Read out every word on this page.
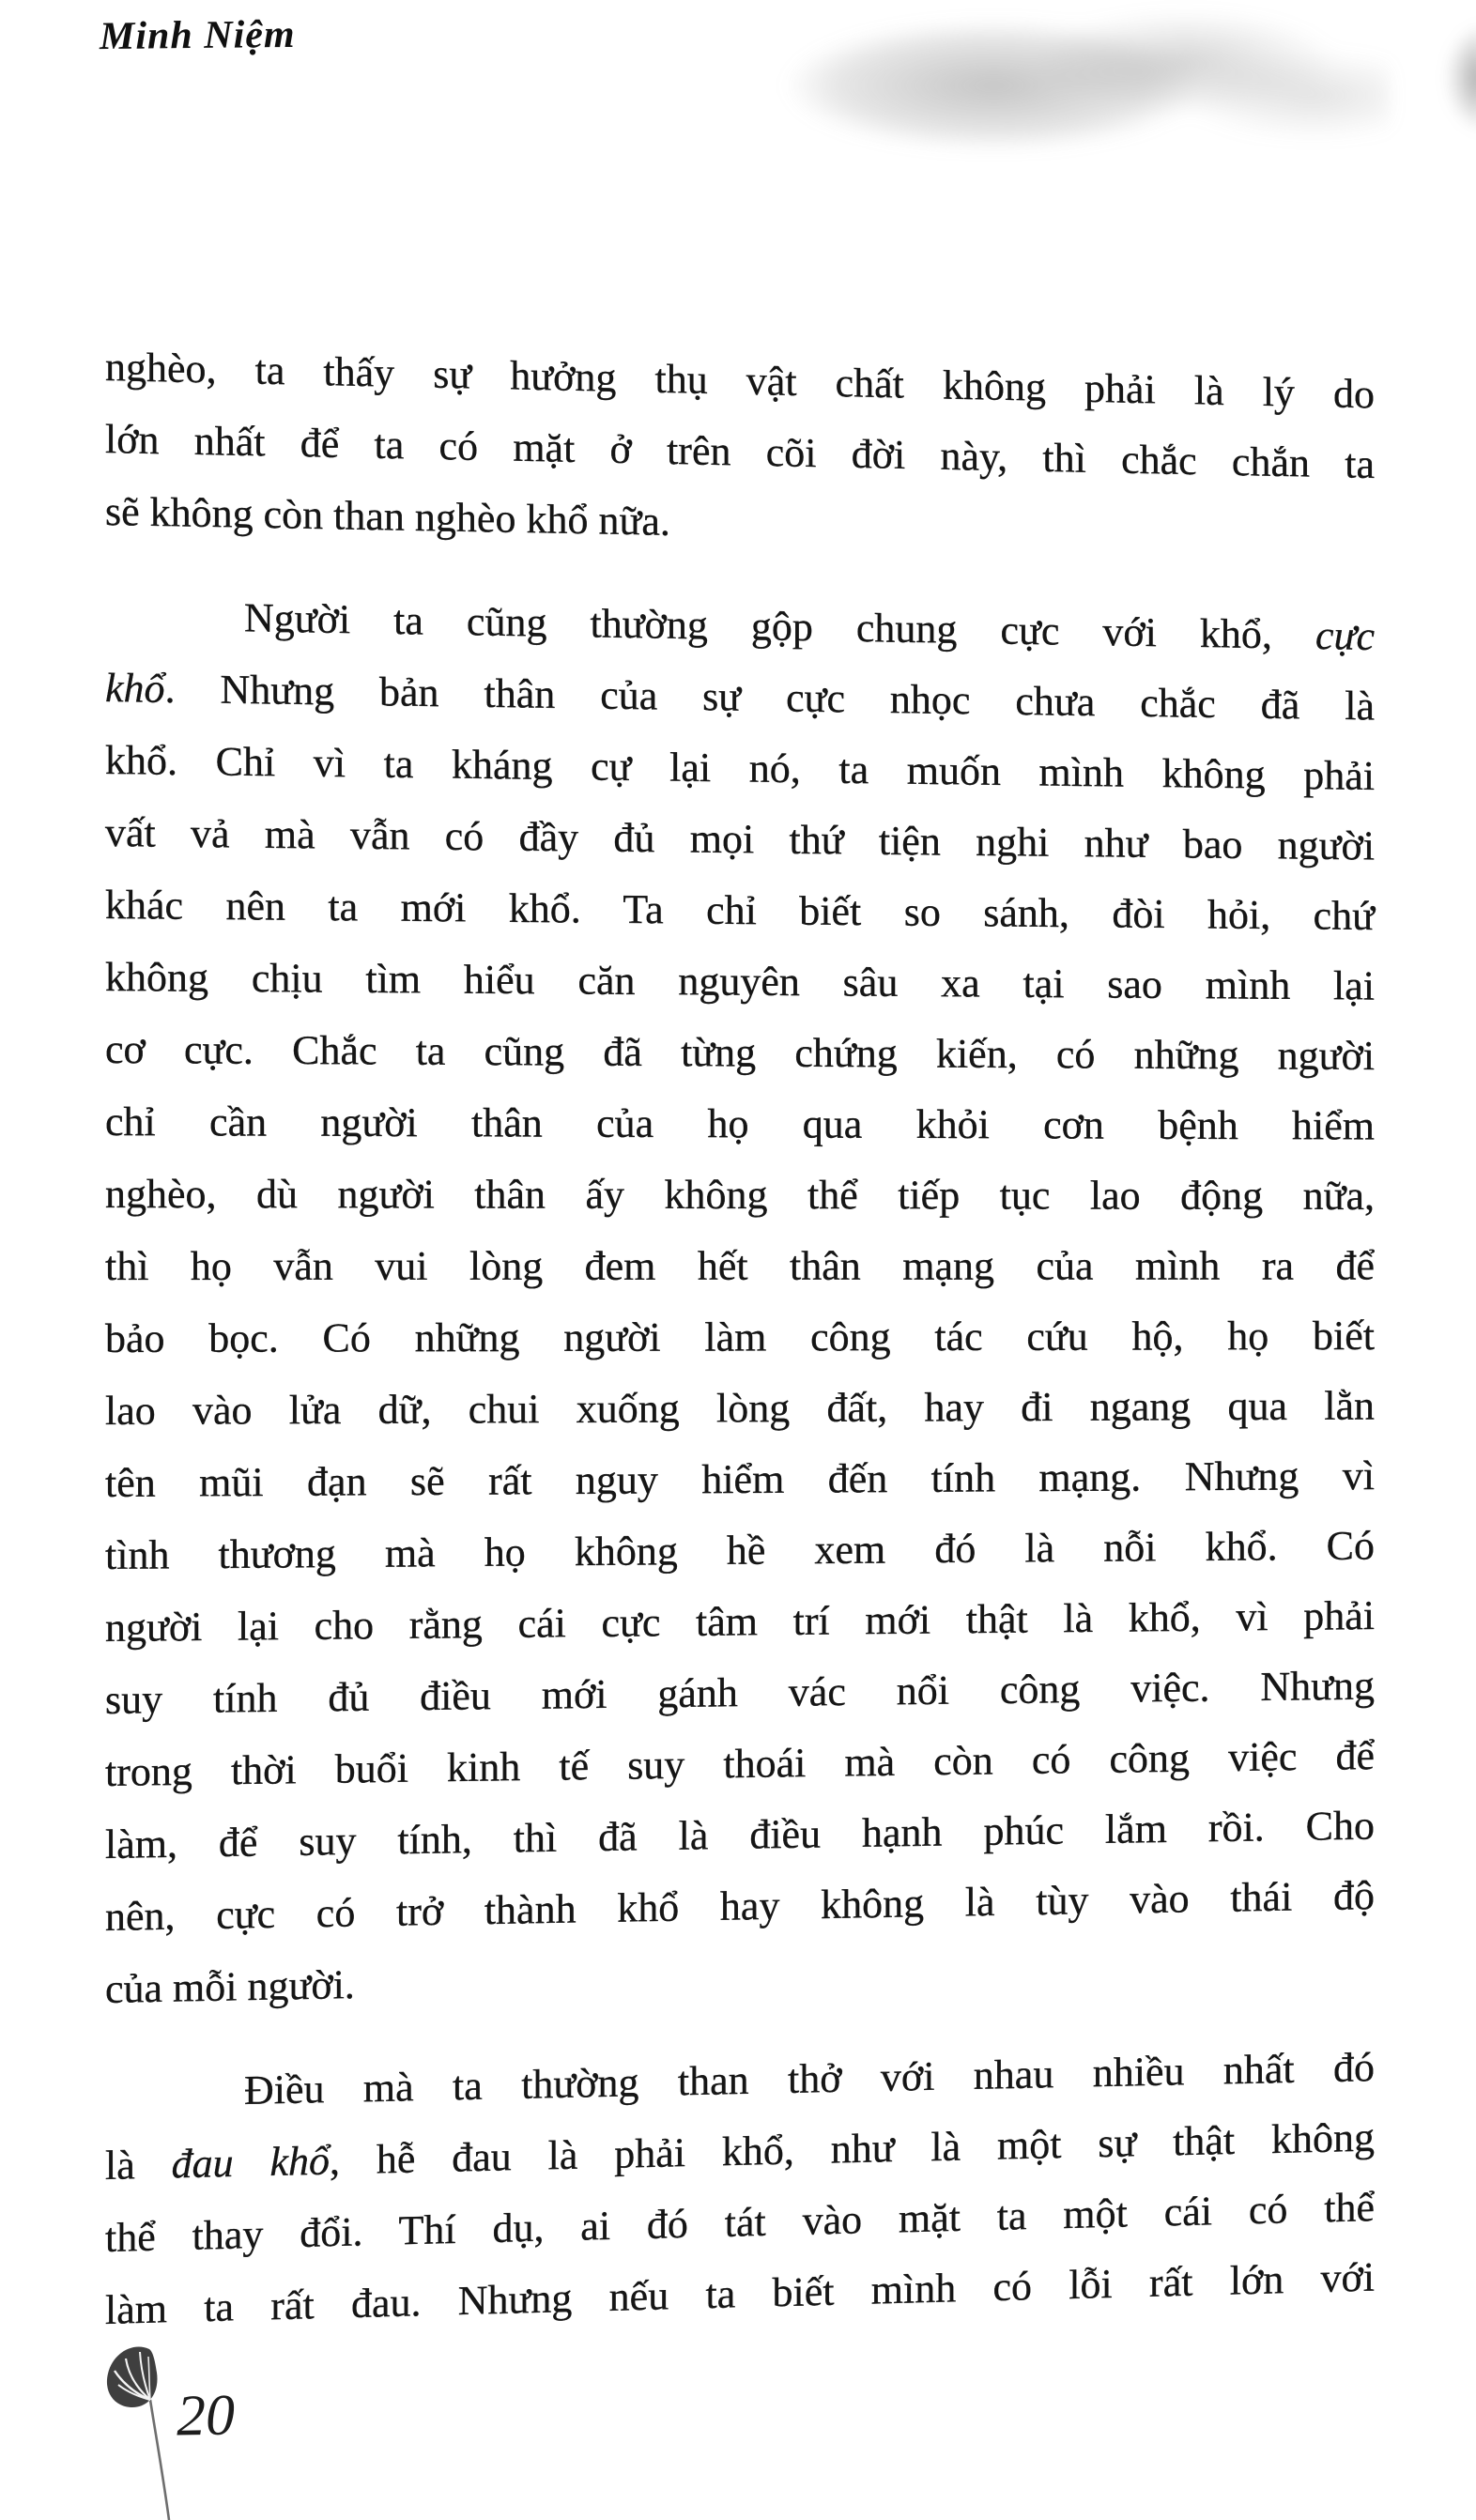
Minh Niệm
nghèo, ta thấy sự hưởng thụ vật chất không phải là lý do
lớn nhất để ta có mặt ở trên cõi đời này, thì chắc chắn ta
sẽ không còn than nghèo khổ nữa.
Người ta cũng thường gộp chung cực với khổ, cực
khổ. Nhưng bản thân của sự cực nhọc chưa chắc đã là
khổ. Chỉ vì ta kháng cự lại nó, ta muốn mình không phải
vất vả mà vẫn có đầy đủ mọi thứ tiện nghi như bao người
khác nên ta mới khổ. Ta chỉ biết so sánh, đòi hỏi, chứ
không chịu tìm hiểu căn nguyên sâu xa tại sao mình lại
cơ cực. Chắc ta cũng đã từng chứng kiến, có những người
chỉ cần người thân của họ qua khỏi cơn bệnh hiểm
nghèo, dù người thân ấy không thể tiếp tục lao động nữa,
thì họ vẫn vui lòng đem hết thân mạng của mình ra để
bảo bọc. Có những người làm công tác cứu hộ, họ biết
lao vào lửa dữ, chui xuống lòng đất, hay đi ngang qua lằn
tên mũi đạn sẽ rất nguy hiểm đến tính mạng. Nhưng vì
tình thương mà họ không hề xem đó là nỗi khổ. Có
người lại cho rằng cái cực tâm trí mới thật là khổ, vì phải
suy tính đủ điều mới gánh vác nổi công việc. Nhưng
trong thời buổi kinh tế suy thoái mà còn có công việc để
làm, để suy tính, thì đã là điều hạnh phúc lắm rồi. Cho
nên, cực có trở thành khổ hay không là tùy vào thái độ
của mỗi người.
Điều mà ta thường than thở với nhau nhiều nhất đó
là đau khổ, hễ đau là phải khổ, như là một sự thật không
thể thay đổi. Thí dụ, ai đó tát vào mặt ta một cái có thể
làm ta rất đau. Nhưng nếu ta biết mình có lỗi rất lớn với
20
